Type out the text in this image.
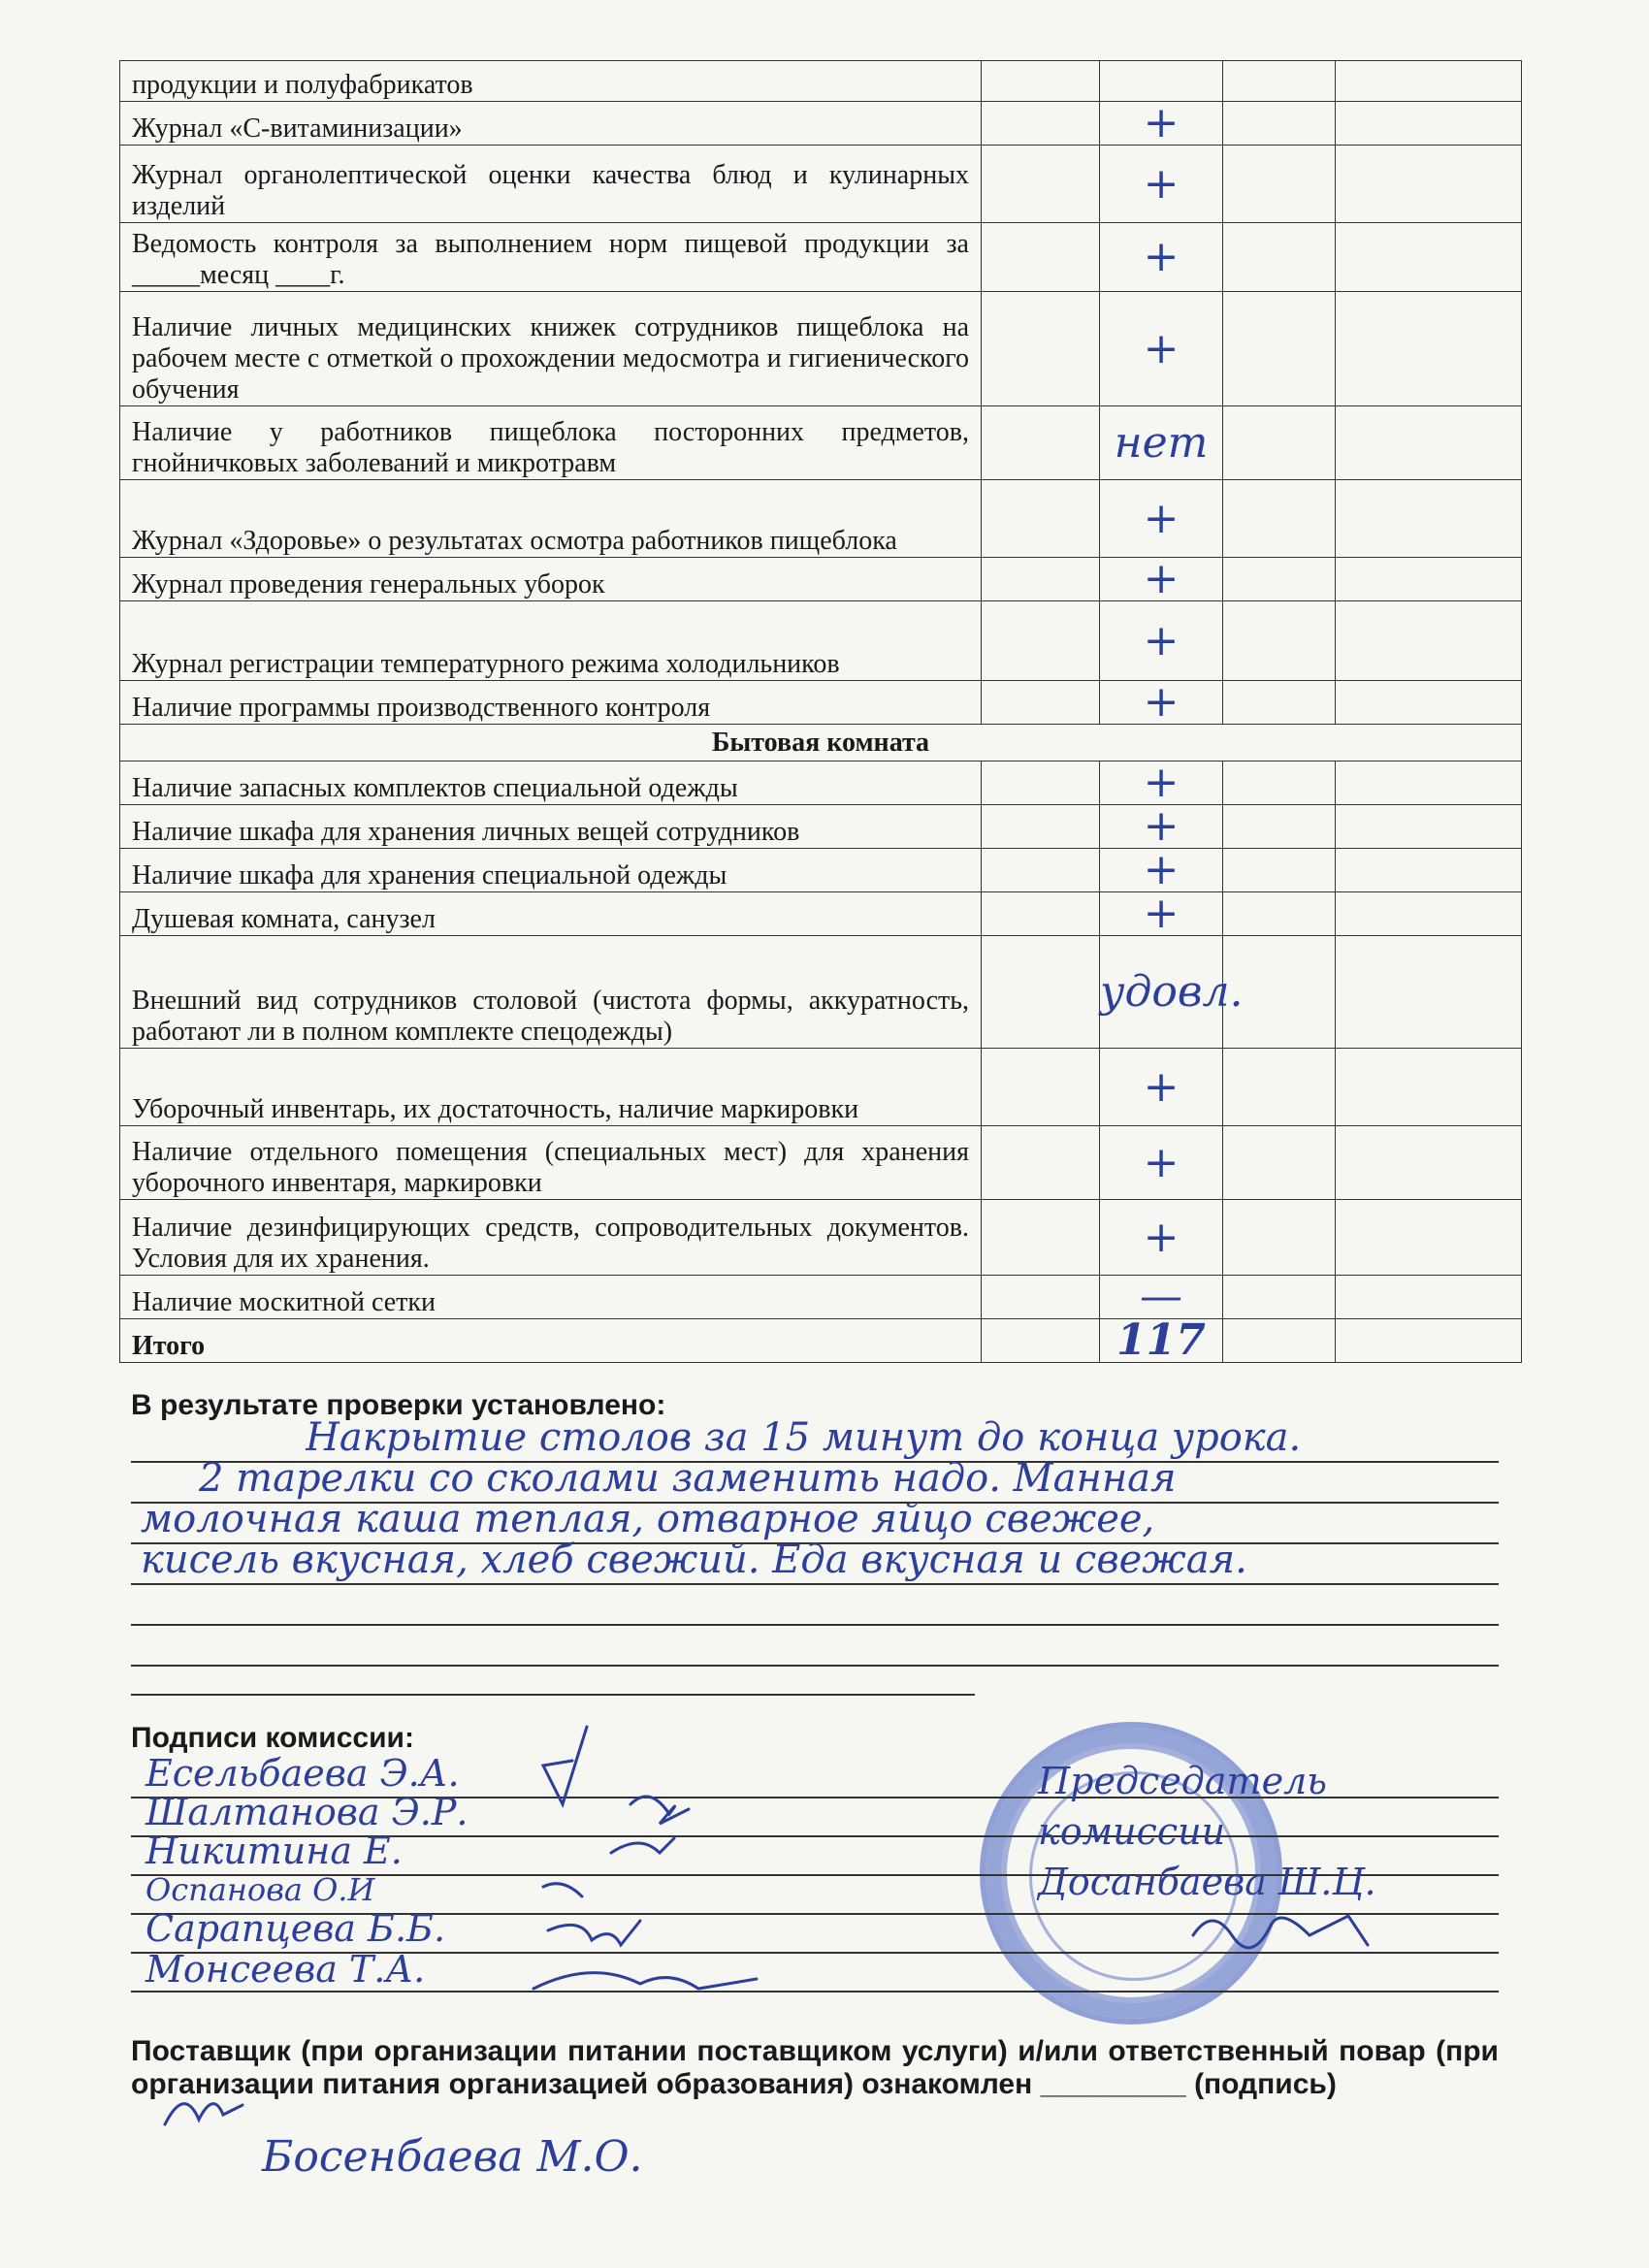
продукции и полуфабрикатов				
Журнал «С-витаминизации»		+		
Журнал органолептической оценки качества блюд и кулинарных изделий		+		
Ведомость контроля за выполнением норм пищевой продукции за _____месяц ____г.		+		
Наличие личных медицинских книжек сотрудников пищеблока на рабочем месте с отметкой о прохождении медосмотра и гигиенического обучения		+		
Наличие у работников пищеблока посторонних предметов, гнойничковых заболеваний и микротравм		нет		
Журнал «Здоровье» о результатах осмотра работников пищеблока		+		
Журнал проведения генеральных уборок		+		
Журнал регистрации температурного режима холодильников		+		
Наличие программы производственного контроля		+		
Бытовая комната				
Наличие запасных комплектов специальной одежды		+		
Наличие шкафа для хранения личных вещей сотрудников		+		
Наличие шкафа для хранения специальной одежды		+		
Душевая комната, санузел		+		
Внешний вид сотрудников столовой (чистота формы, аккуратность, работают ли в полном комплекте спецодежды)		удовл.		
Уборочный инвентарь, их достаточность, наличие маркировки		+		
Наличие отдельного помещения (специальных мест) для хранения уборочного инвентаря, маркировки		+		
Наличие дезинфицирующих средств, сопроводительных документов. Условия для их хранения.		+		
Наличие москитной сетки		—		
Итого		117		
В результате проверки установлено:
Накрытие столов за 15 минут до конца урока.
2 тарелки со сколами заменить надо. Манная
молочная каша теплая, отварное яйцо свежее,
кисель вкусная, хлеб свежий. Еда вкусная и свежая.
Подписи комиссии:
Есельбаева Э.А.
Шалтанова Э.Р.
Никитина Е.
Оспанова О.И
Сарапцева Б.Б.
Монсеева Т.А.
Председатель
комиссии
Досанбаева Ш.Ц.
Поставщик (при организации питании поставщиком услуги) и/или ответственный повар (при организации питания организацией образования) ознакомлен _________ (подпись)
Босенбаева М.О.
